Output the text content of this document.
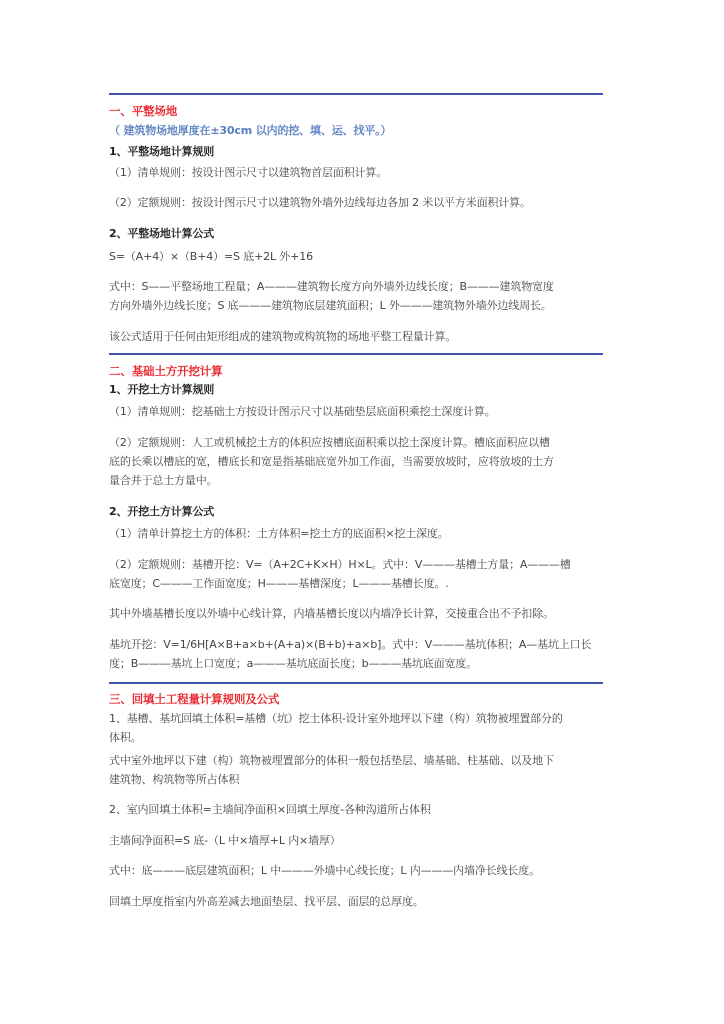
一、平整场地
（ 建筑物场地厚度在±30cm 以内的挖、填、运、找平。）
1、平整场地计算规则
（1）清单规则：按设计图示尺寸以建筑物首层面积计算。
（2）定额规则：按设计图示尺寸以建筑物外墙外边线每边各加 2 米以平方米面积计算。
2、平整场地计算公式
S=（A+4）×（B+4）=S 底+2L 外+16
式中：S——平整场地工程量；A———建筑物长度方向外墙外边线长度；B———建筑物宽度
方向外墙外边线长度；S 底———建筑物底层建筑面积；L 外———建筑物外墙外边线周长。
该公式适用于任何由矩形组成的建筑物或构筑物的场地平整工程量计算。
二、基础土方开挖计算
1、开挖土方计算规则
（1）清单规则：挖基础土方按设计图示尺寸以基础垫层底面积乘挖土深度计算。
（2）定额规则：人工或机械挖土方的体积应按槽底面积乘以挖土深度计算。槽底面积应以槽
底的长乘以槽底的宽，槽底长和宽是指基础底宽外加工作面，当需要放坡时，应将放坡的土方
量合并于总土方量中。
2、开挖土方计算公式
（1）清单计算挖土方的体积：土方体积=挖土方的底面积×挖土深度。
（2）定额规则：基槽开挖：V=（A+2C+K×H）H×L。式中：V———基槽土方量；A———槽
底宽度；C———工作面宽度；H———基槽深度；L———基槽长度。.
其中外墙基槽长度以外墙中心线计算，内墙基槽长度以内墙净长计算，交接重合出不予扣除。
基坑开挖：V=1/6H[A×B+a×b+(A+a)×(B+b)+a×b]。式中：V———基坑体积；A—基坑上口长
度；B———基坑上口宽度；a———基坑底面长度；b———基坑底面宽度。
三、回填土工程量计算规则及公式
1、基槽、基坑回填土体积=基槽（坑）挖土体积-设计室外地坪以下建（构）筑物被埋置部分的
体积。
式中室外地坪以下建（构）筑物被埋置部分的体积一般包括垫层、墙基础、柱基础、以及地下
建筑物、构筑物等所占体积
2、室内回填土体积=主墙间净面积×回填土厚度-各种沟道所占体积
主墙间净面积=S 底-（L 中×墙厚+L 内×墙厚）
式中：底———底层建筑面积；L 中———外墙中心线长度；L 内———内墙净长线长度。
回填土厚度指室内外高差减去地面垫层、找平层、面层的总厚度。
